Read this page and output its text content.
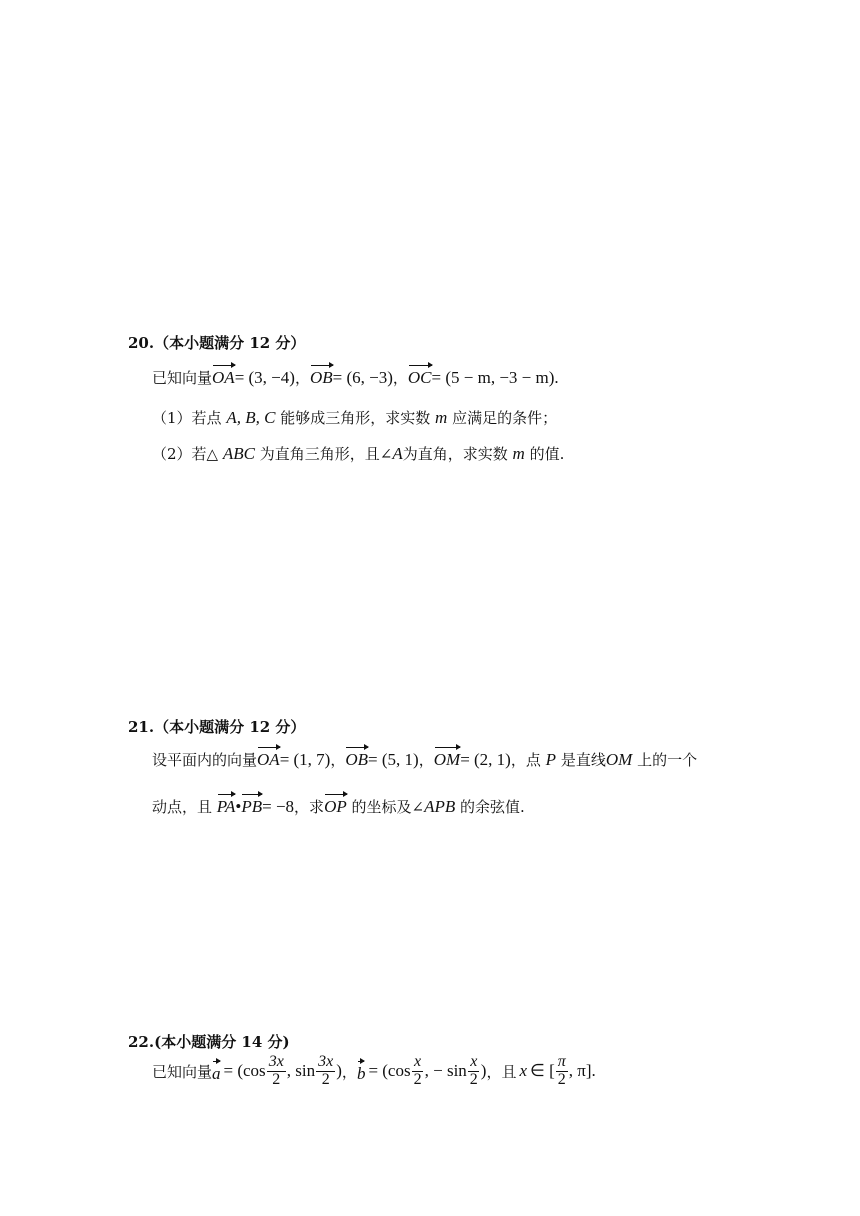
20.（本小题满分 12 分）
已知向量OA= (3, −4)，OB= (6, −3)，OC= (5 − m, −3 − m).
（1）若点 A, B, C 能够成三角形，求实数 m 应满足的条件；
（2）若△ ABC 为直角三角形，且∠A为直角，求实数 m 的值.
21.（本小题满分 12 分）
设平面内的向量OA= (1, 7)，OB= (5, 1)，OM= (2, 1)，点 P 是直线OM 上的一个
动点，且 PA•PB= −8，求OP 的坐标及∠APB 的余弦值.
22.(本小题满分 14 分)
已知向量 $a = (\cos \frac{3x}{2}$ , $\sin \frac{3x}{2}$ ) ， $b = (\cos \frac{x}{2}$ , − $\sin \frac{x}{2}$ ) ，且 x ∈ [ $\frac{\pi}{2}$ , π].
